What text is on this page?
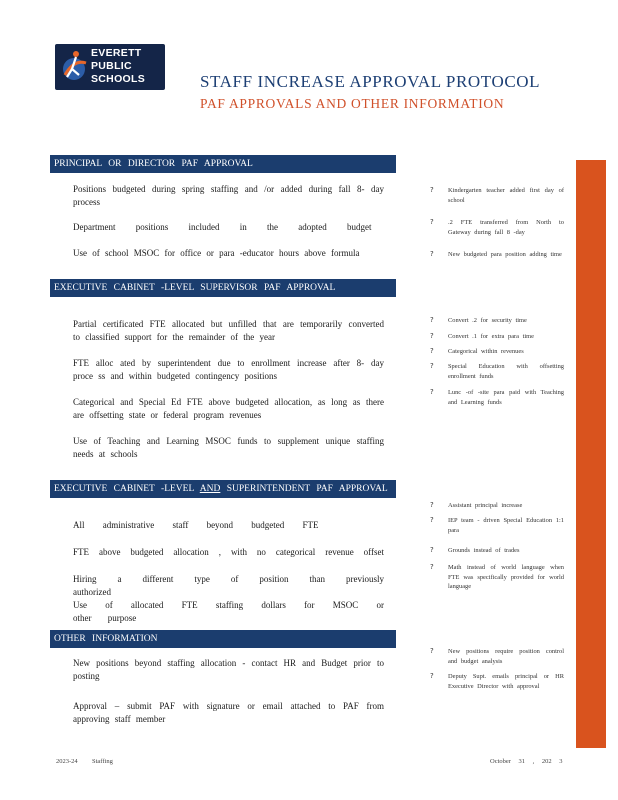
EVERETT
PUBLIC
SCHOOLS	STAFF INCREASE APPROVAL PROTOCOL
PAF APPROVALS AND OTHER INFORMATION
PRINCIPAL OR DIRECTOR PAF APPROVAL
Positions budgeted during spring staffing and /or added during fall 8- day process
Department positions included in the adopted budget
Use of school MSOC for office or para -educator hours above formula
EXECUTIVE CABINET -LEVEL SUPERVISOR PAF APPROVAL
Partial certificated FTE allocated but unfilled that are temporarily converted to classified support for the remainder of the year
FTE alloc ated by superintendent due to enrollment increase after 8- day proce ss and within budgeted contingency positions
Categorical and Special Ed FTE above budgeted allocation, as long as there are offsetting state or federal program revenues
Use of Teaching and Learning MSOC funds to supplement unique staffing needs at schools
EXECUTIVE CABINET -LEVEL AND SUPERINTENDENT PAF APPROVAL
All administrative staff beyond budgeted FTE
FTE above budgeted allocation , with no categorical revenue offset
Hiring a different type of position than previously authorized
Use of allocated FTE staffing dollars for MSOC or other purpose
OTHER INFORMATION
New positions beyond staffing allocation - contact HR and Budget prior to posting
Approval – submit PAF with signature or email attached to PAF from approving staff member
? Kindergarten teacher added first day of school
? .2 FTE transferred from North to Gateway during fall 8 -day
? New budgeted para position adding time
? Convert .2 for security time
? Convert .1 for extra para time
? Categorical within revenues
? Special Education with offsetting enrollment funds
? Lunc -of -site para paid with Teaching and Learning funds
? Assistant principal increase
? IEP team - driven Special Education 1:1 para
? Grounds instead of trades
? Math instead of world language when FTE was specifically provided for world language
? New positions require position control and budget analysis
? Deputy Supt. emails principal or HR Executive Director with approval
2023-24 Staffing	October 31 , 202 3
